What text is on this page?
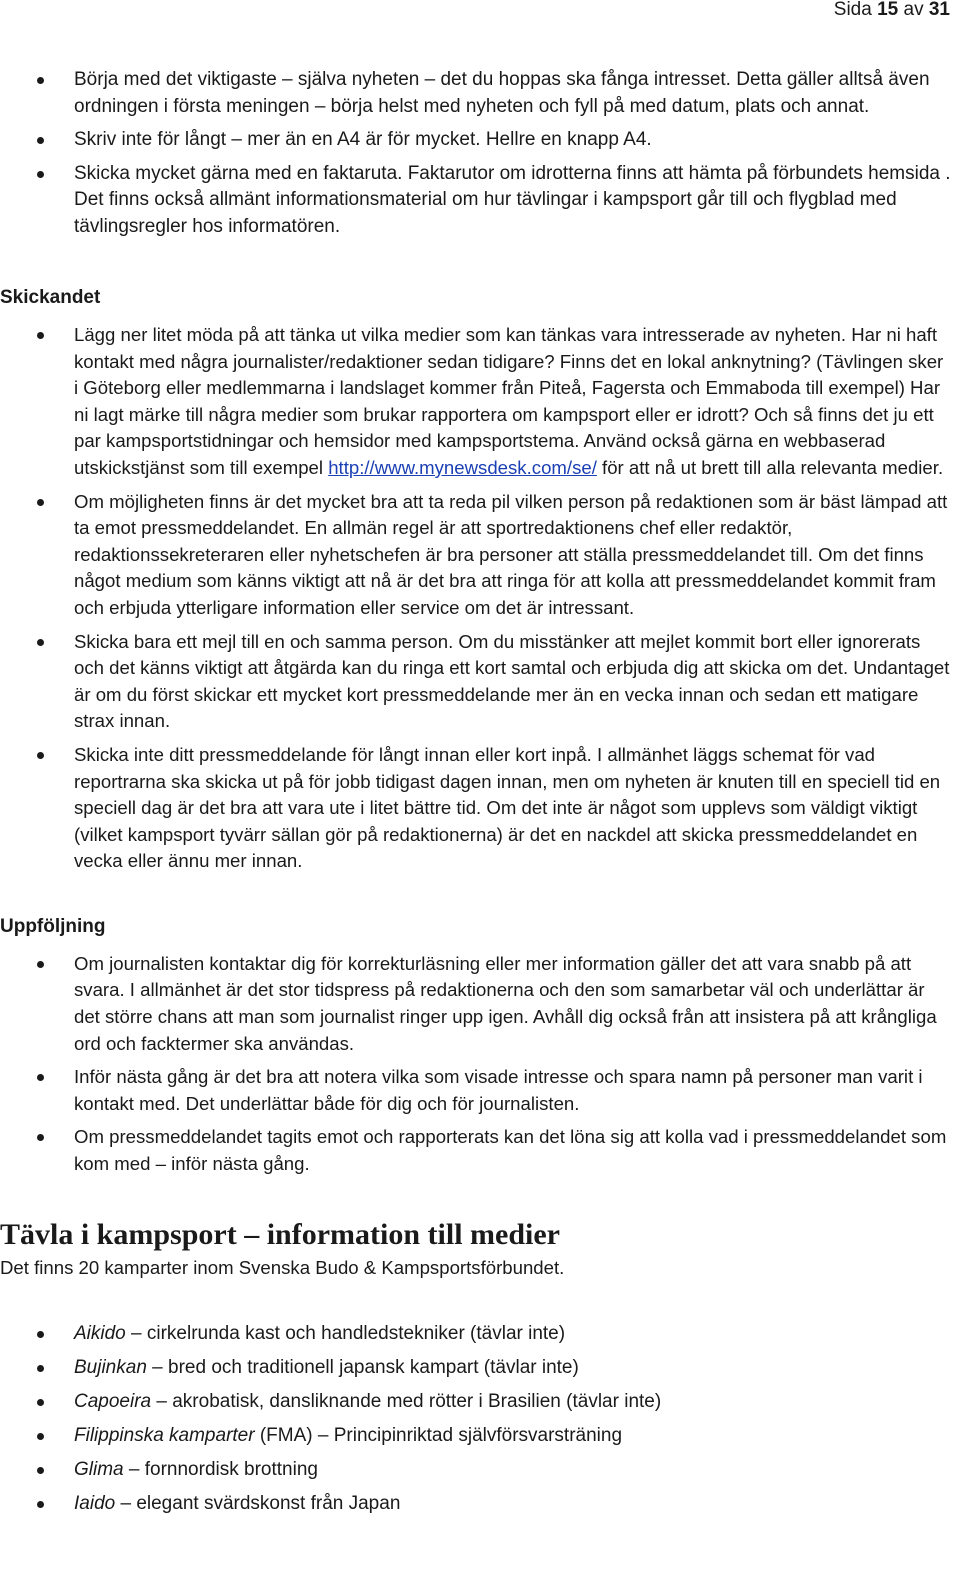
Sida 15 av 31
Börja med det viktigaste – själva nyheten – det du hoppas ska fånga intresset. Detta gäller alltså även ordningen i första meningen – börja helst med nyheten och fyll på med datum, plats och annat.
Skriv inte för långt – mer än en A4 är för mycket. Hellre en knapp A4.
Skicka mycket gärna med en faktaruta. Faktarutor om idrotterna finns att hämta på förbundets hemsida . Det finns också allmänt informationsmaterial om hur tävlingar i kampsport går till och flygblad med tävlingsregler hos informatören.
Skickandet
Lägg ner litet möda på att tänka ut vilka medier som kan tänkas vara intresserade av nyheten. Har ni haft kontakt med några journalister/redaktioner sedan tidigare? Finns det en lokal anknytning? (Tävlingen sker i Göteborg eller medlemmarna i landslaget kommer från Piteå, Fagersta och Emmaboda till exempel) Har ni lagt märke till några medier som brukar rapportera om kampsport eller er idrott? Och så finns det ju ett par kampsportstidningar och hemsidor med kampsportstema. Använd också gärna en webbaserad utskickstjänst som till exempel http://www.mynewsdesk.com/se/ för att nå ut brett till alla relevanta medier.
Om möjligheten finns är det mycket bra att ta reda pil vilken person på redaktionen som är bäst lämpad att ta emot pressmeddelandet. En allmän regel är att sportredaktionens chef eller redaktör, redaktionssekreteraren eller nyhetschefen är bra personer att ställa pressmeddelandet till. Om det finns något medium som känns viktigt att nå är det bra att ringa för att kolla att pressmeddelandet kommit fram och erbjuda ytterligare information eller service om det är intressant.
Skicka bara ett mejl till en och samma person. Om du misstänker att mejlet kommit bort eller ignorerats och det känns viktigt att åtgärda kan du ringa ett kort samtal och erbjuda dig att skicka om det. Undantaget är om du först skickar ett mycket kort pressmeddelande mer än en vecka innan och sedan ett matigare strax innan.
Skicka inte ditt pressmeddelande för långt innan eller kort inpå. I allmänhet läggs schemat för vad reportrarna ska skicka ut på för jobb tidigast dagen innan, men om nyheten är knuten till en speciell tid en speciell dag är det bra att vara ute i litet bättre tid. Om det inte är något som upplevs som väldigt viktigt (vilket kampsport tyvärr sällan gör på redaktionerna) är det en nackdel att skicka pressmeddelandet en vecka eller ännu mer innan.
Uppföljning
Om journalisten kontaktar dig för korrekturläsning eller mer information gäller det att vara snabb på att svara. I allmänhet är det stor tidspress på redaktionerna och den som samarbetar väl och underlättar är det större chans att man som journalist ringer upp igen. Avhåll dig också från att insistera på att krångliga ord och facktermer ska användas.
Inför nästa gång är det bra att notera vilka som visade intresse och spara namn på personer man varit i kontakt med. Det underlättar både för dig och för journalisten.
Om pressmeddelandet tagits emot och rapporterats kan det löna sig att kolla vad i pressmeddelandet som kom med – inför nästa gång.
Tävla i kampsport – information till medier

Det finns 20 kamparter inom Svenska Budo & Kampsportsförbundet.

Aikido – cirkelrunda kast och handledstekniker (tävlar inte)
Bujinkan – bred och traditionell japansk kampart (tävlar inte)
Capoeira – akrobatisk, dansliknande med rötter i Brasilien (tävlar inte)
Filippinska kamparter (FMA) – Principinriktad självförsvarsträning
Glima – fornnordisk brottning
Iaido – elegant svärdskonst från Japan
